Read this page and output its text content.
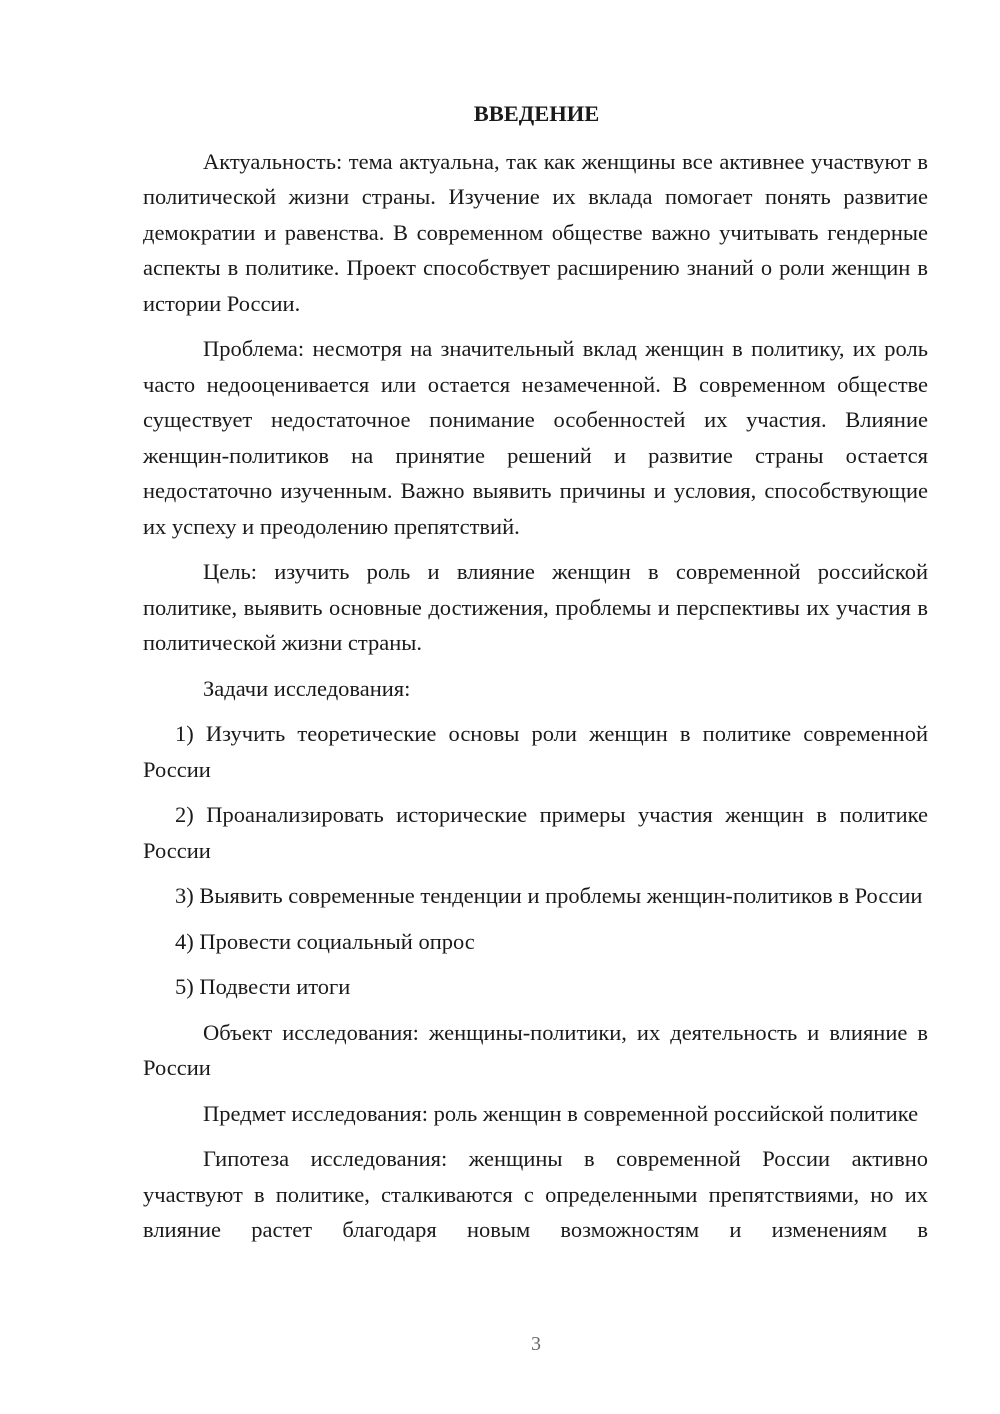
ВВЕДЕНИЕ

Актуальность: тема актуальна, так как женщины все активнее участвуют в политической жизни страны. Изучение их вклада помогает понять развитие демократии и равенства. В современном обществе важно учитывать гендерные аспекты в политике. Проект способствует расширению знаний о роли женщин в истории России.

Проблема: несмотря на значительный вклад женщин в политику, их роль часто недооценивается или остается незамеченной. В современном обществе существует недостаточное понимание особенностей их участия. Влияние женщин-политиков на принятие решений и развитие страны остается недостаточно изученным. Важно выявить причины и условия, способствующие их успеху и преодолению препятствий.

Цель: изучить роль и влияние женщин в современной российской политике, выявить основные достижения, проблемы и перспективы их участия в политической жизни страны.

Задачи исследования:
1) Изучить теоретические основы роли женщин в политике современной России
2) Проанализировать исторические примеры участия женщин в политике России
3) Выявить современные тенденции и проблемы женщин-политиков в России
4) Провести социальный опрос
5) Подвести итоги

Объект исследования: женщины-политики, их деятельность и влияние в России

Предмет исследования: роль женщин в современной российской политике

Гипотеза исследования: женщины в современной России активно участвуют в политике, сталкиваются с определенными препятствиями, но их влияние растет благодаря новым возможностям и изменениям в

3
